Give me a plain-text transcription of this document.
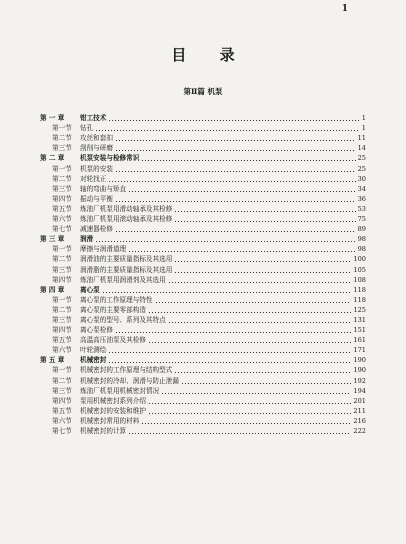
1
目 录
第Ⅱ篇 机泵
第 一 章 钳工技术	1
第一节 钻孔	1
第二节 攻丝和套扣	11
第三节 刮削与研磨	14
第 二 章 机泵安装与检修常识	25
第一节 机泵的安装	25
第二节 对轮找正	30
第三节 轴的弯曲与矫直	34
第四节 振动与平衡	36
第五节 炼油厂机泵用滑动轴承及其检修	53
第六节 炼油厂机泵用滚动轴承及其检修	75
第七节 减速器检修	89
第 三 章 润滑	98
第一节 摩擦与润滑道理	98
第二节 润滑油的主要质量指标及其选用	100
第三节 润滑脂的主要质量指标及其选用	105
第四节 炼油厂机泵用润滑剂及其选用	108
第 四 章 离心泵	118
第一节 离心泵的工作原理与特性	118
第二节 离心泵的主要零部构造	125
第三节 离心泵的型号、系列及其特点	131
第四节 离心泵检修	151
第五节 高温高压油泵及其检修	161
第六节 叶轮测绘	171
第 五 章 机械密封	190
第一节 机械密封的工作原理与结构型式	190
第二节 机械密封的冷却、润滑与防止泄漏	192
第三节 炼油厂机泵用机械密封情况	194
第四节 泵用机械密封系列介绍	201
第五节 机械密封的安装和维护	211
第六节 机械密封常用的材料	216
第七节 机械密封的计算	222
